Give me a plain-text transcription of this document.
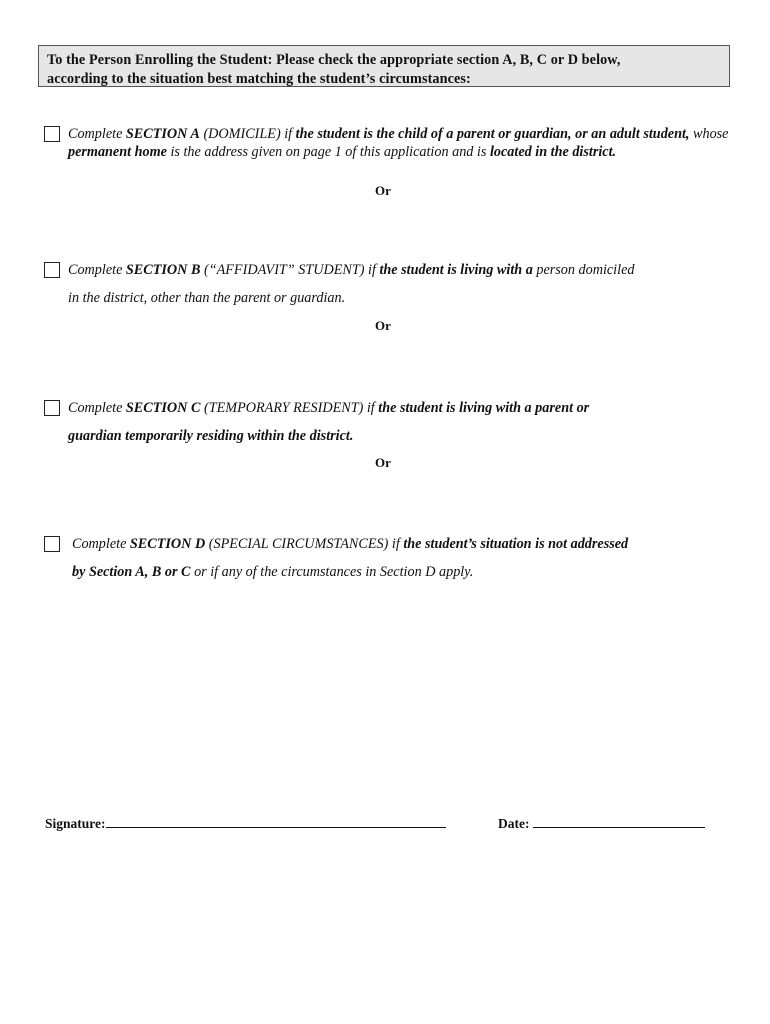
To the Person Enrolling the Student: Please check the appropriate section A, B, C or D below,
according to the situation best matching the student’s circumstances:
Complete SECTION A (DOMICILE) if the student is the child of a parent or guardian, or an adult student, whose permanent home is the address given on page 1 of this application and is located in the district.
Or
Complete SECTION B (“AFFIDAVIT” STUDENT) if the student is living with a person domiciled
in the district, other than the parent or guardian.
Or
Complete SECTION C (TEMPORARY RESIDENT) if the student is living with a parent or
guardian temporarily residing within the district.
Or
Complete SECTION D (SPECIAL CIRCUMSTANCES) if the student’s situation is not addressed
by Section A, B or C or if any of the circumstances in Section D apply.
Signature:	Date:
